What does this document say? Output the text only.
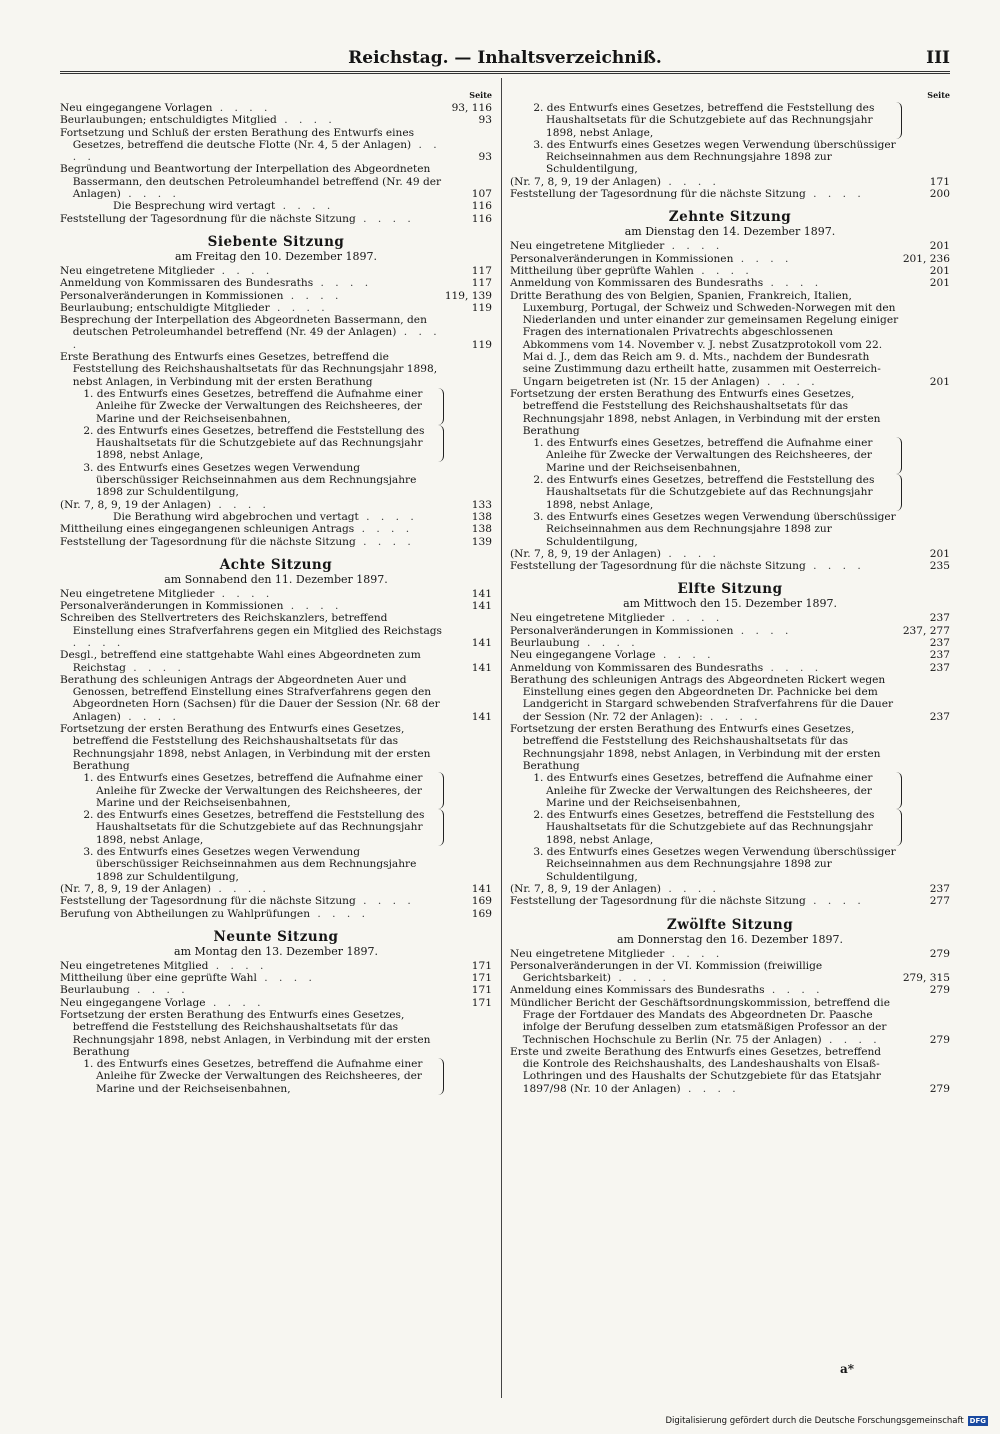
Reichstag. — Inhaltsverzeichniß.	III
Seite
Neu eingegangene Vorlagen . . . .	93, 116
Beurlaubungen; entschuldigtes Mitglied . . . .	93
Fortsetzung und Schluß der ersten Berathung des Entwurfs eines Gesetzes, betreffend die deutsche Flotte (Nr. 4, 5 der Anlagen) . . . .	93
Begründung und Beantwortung der Interpellation des Abgeordneten Bassermann, den deutschen Petroleumhandel betreffend (Nr. 49 der Anlagen) . . . .	107
Die Besprechung wird vertagt . . . .	116
Feststellung der Tagesordnung für die nächste Sitzung . . . .	116
Siebente Sitzung
am Freitag den 10. Dezember 1897.
Neu eingetretene Mitglieder . . . .	117
Anmeldung von Kommissaren des Bundesraths . . . .	117
Personalveränderungen in Kommissionen . . . .	119, 139
Beurlaubung; entschuldigte Mitglieder . . . .	119
Besprechung der Interpellation des Abgeordneten Bassermann, den deutschen Petroleumhandel betreffend (Nr. 49 der Anlagen) . . . .	119
Erste Berathung des Entwurfs eines Gesetzes, betreffend die Feststellung des Reichshaushaltsetats für das Rechnungsjahr 1898, nebst Anlagen, in Verbindung mit der ersten Berathung
1. des Entwurfs eines Gesetzes, betreffend die Aufnahme einer Anleihe für Zwecke der Verwaltungen des Reichsheeres, der Marine und der Reichseisenbahnen,
2. des Entwurfs eines Gesetzes, betreffend die Feststellung des Haushaltsetats für die Schutzgebiete auf das Rechnungsjahr 1898, nebst Anlage,
3. des Entwurfs eines Gesetzes wegen Verwendung überschüssiger Reichseinnahmen aus dem Rechnungsjahre 1898 zur Schuldentilgung,
(Nr. 7, 8, 9, 19 der Anlagen) . . . .	133
Die Berathung wird abgebrochen und vertagt . . . .	138
Mittheilung eines eingegangenen schleunigen Antrags . . . .	138
Feststellung der Tagesordnung für die nächste Sitzung . . . .	139
Achte Sitzung
am Sonnabend den 11. Dezember 1897.
Neu eingetretene Mitglieder . . . .	141
Personalveränderungen in Kommissionen . . . .	141
Schreiben des Stellvertreters des Reichskanzlers, betreffend Einstellung eines Strafverfahrens gegen ein Mitglied des Reichstags . . . .	141
Desgl., betreffend eine stattgehabte Wahl eines Abgeordneten zum Reichstag . . . .	141
Berathung des schleunigen Antrags der Abgeordneten Auer und Genossen, betreffend Einstellung eines Strafverfahrens gegen den Abgeordneten Horn (Sachsen) für die Dauer der Session (Nr. 68 der Anlagen) . . . .	141
Fortsetzung der ersten Berathung des Entwurfs eines Gesetzes, betreffend die Feststellung des Reichshaushaltsetats für das Rechnungsjahr 1898, nebst Anlagen, in Verbindung mit der ersten Berathung
1. des Entwurfs eines Gesetzes, betreffend die Aufnahme einer Anleihe für Zwecke der Verwaltungen des Reichsheeres, der Marine und der Reichseisenbahnen,
2. des Entwurfs eines Gesetzes, betreffend die Feststellung des Haushaltsetats für die Schutzgebiete auf das Rechnungsjahr 1898, nebst Anlage,
3. des Entwurfs eines Gesetzes wegen Verwendung überschüssiger Reichseinnahmen aus dem Rechnungsjahre 1898 zur Schuldentilgung,
(Nr. 7, 8, 9, 19 der Anlagen) . . . .	141
Feststellung der Tagesordnung für die nächste Sitzung . . . .	169
Berufung von Abtheilungen zu Wahlprüfungen . . . .	169
Neunte Sitzung
am Montag den 13. Dezember 1897.
Neu eingetretenes Mitglied . . . .	171
Mittheilung über eine geprüfte Wahl . . . .	171
Beurlaubung . . . .	171
Neu eingegangene Vorlage . . . .	171
Fortsetzung der ersten Berathung des Entwurfs eines Gesetzes, betreffend die Feststellung des Reichshaushaltsetats für das Rechnungsjahr 1898, nebst Anlagen, in Verbindung mit der ersten Berathung
1. des Entwurfs eines Gesetzes, betreffend die Aufnahme einer Anleihe für Zwecke der Verwaltungen des Reichsheeres, der Marine und der Reichseisenbahnen,
Seite
2. des Entwurfs eines Gesetzes, betreffend die Feststellung des Haushaltsetats für die Schutzgebiete auf das Rechnungsjahr 1898, nebst Anlage,
3. des Entwurfs eines Gesetzes wegen Verwendung überschüssiger Reichseinnahmen aus dem Rechnungsjahre 1898 zur Schuldentilgung,
(Nr. 7, 8, 9, 19 der Anlagen) . . . .	171
Feststellung der Tagesordnung für die nächste Sitzung . . . .	200
Zehnte Sitzung
am Dienstag den 14. Dezember 1897.
Neu eingetretene Mitglieder . . . .	201
Personalveränderungen in Kommissionen . . . .	201, 236
Mittheilung über geprüfte Wahlen . . . .	201
Anmeldung von Kommissaren des Bundesraths . . . .	201
Dritte Berathung des von Belgien, Spanien, Frankreich, Italien, Luxemburg, Portugal, der Schweiz und Schweden-Norwegen mit den Niederlanden und unter einander zur gemeinsamen Regelung einiger Fragen des internationalen Privatrechts abgeschlossenen Abkommens vom 14. November v. J. nebst Zusatzprotokoll vom 22. Mai d. J., dem das Reich am 9. d. Mts., nachdem der Bundesrath seine Zustimmung dazu ertheilt hatte, zusammen mit Oesterreich-Ungarn beigetreten ist (Nr. 15 der Anlagen) . . . .	201
Fortsetzung der ersten Berathung des Entwurfs eines Gesetzes, betreffend die Feststellung des Reichshaushaltsetats für das Rechnungsjahr 1898, nebst Anlagen, in Verbindung mit der ersten Berathung
1. des Entwurfs eines Gesetzes, betreffend die Aufnahme einer Anleihe für Zwecke der Verwaltungen des Reichsheeres, der Marine und der Reichseisenbahnen,
2. des Entwurfs eines Gesetzes, betreffend die Feststellung des Haushaltsetats für die Schutzgebiete auf das Rechnungsjahr 1898, nebst Anlage,
3. des Entwurfs eines Gesetzes wegen Verwendung überschüssiger Reichseinnahmen aus dem Rechnungsjahre 1898 zur Schuldentilgung,
(Nr. 7, 8, 9, 19 der Anlagen) . . . .	201
Feststellung der Tagesordnung für die nächste Sitzung . . . .	235
Elfte Sitzung
am Mittwoch den 15. Dezember 1897.
Neu eingetretene Mitglieder . . . .	237
Personalveränderungen in Kommissionen . . . .	237, 277
Beurlaubung . . . .	237
Neu eingegangene Vorlage . . . .	237
Anmeldung von Kommissaren des Bundesraths . . . .	237
Berathung des schleunigen Antrags des Abgeordneten Rickert wegen Einstellung eines gegen den Abgeordneten Dr. Pachnicke bei dem Landgericht in Stargard schwebenden Strafverfahrens für die Dauer der Session (Nr. 72 der Anlagen): . . . .	237
Fortsetzung der ersten Berathung des Entwurfs eines Gesetzes, betreffend die Feststellung des Reichshaushaltsetats für das Rechnungsjahr 1898, nebst Anlagen, in Verbindung mit der ersten Berathung
1. des Entwurfs eines Gesetzes, betreffend die Aufnahme einer Anleihe für Zwecke der Verwaltungen des Reichsheeres, der Marine und der Reichseisenbahnen,
2. des Entwurfs eines Gesetzes, betreffend die Feststellung des Haushaltsetats für die Schutzgebiete auf das Rechnungsjahr 1898, nebst Anlage,
3. des Entwurfs eines Gesetzes wegen Verwendung überschüssiger Reichseinnahmen aus dem Rechnungsjahre 1898 zur Schuldentilgung,
(Nr. 7, 8, 9, 19 der Anlagen) . . . .	237
Feststellung der Tagesordnung für die nächste Sitzung . . . .	277
Zwölfte Sitzung
am Donnerstag den 16. Dezember 1897.
Neu eingetretene Mitglieder . . . .	279
Personalveränderungen in der VI. Kommission (freiwillige Gerichtsbarkeit) . . . .	279, 315
Anmeldung eines Kommissars des Bundesraths . . . .	279
Mündlicher Bericht der Geschäftsordnungskommission, betreffend die Frage der Fortdauer des Mandats des Abgeordneten Dr. Paasche infolge der Berufung desselben zum etatsmäßigen Professor an der Technischen Hochschule zu Berlin (Nr. 75 der Anlagen) . . . .	279
Erste und zweite Berathung des Entwurfs eines Gesetzes, betreffend die Kontrole des Reichshaushalts, des Landeshaushalts von Elsaß-Lothringen und des Haushalts der Schutzgebiete für das Etatsjahr 1897/98 (Nr. 10 der Anlagen) . . . .	279
a*
Digitalisierung gefördert durch die Deutsche Forschungsgemeinschaft DFG
